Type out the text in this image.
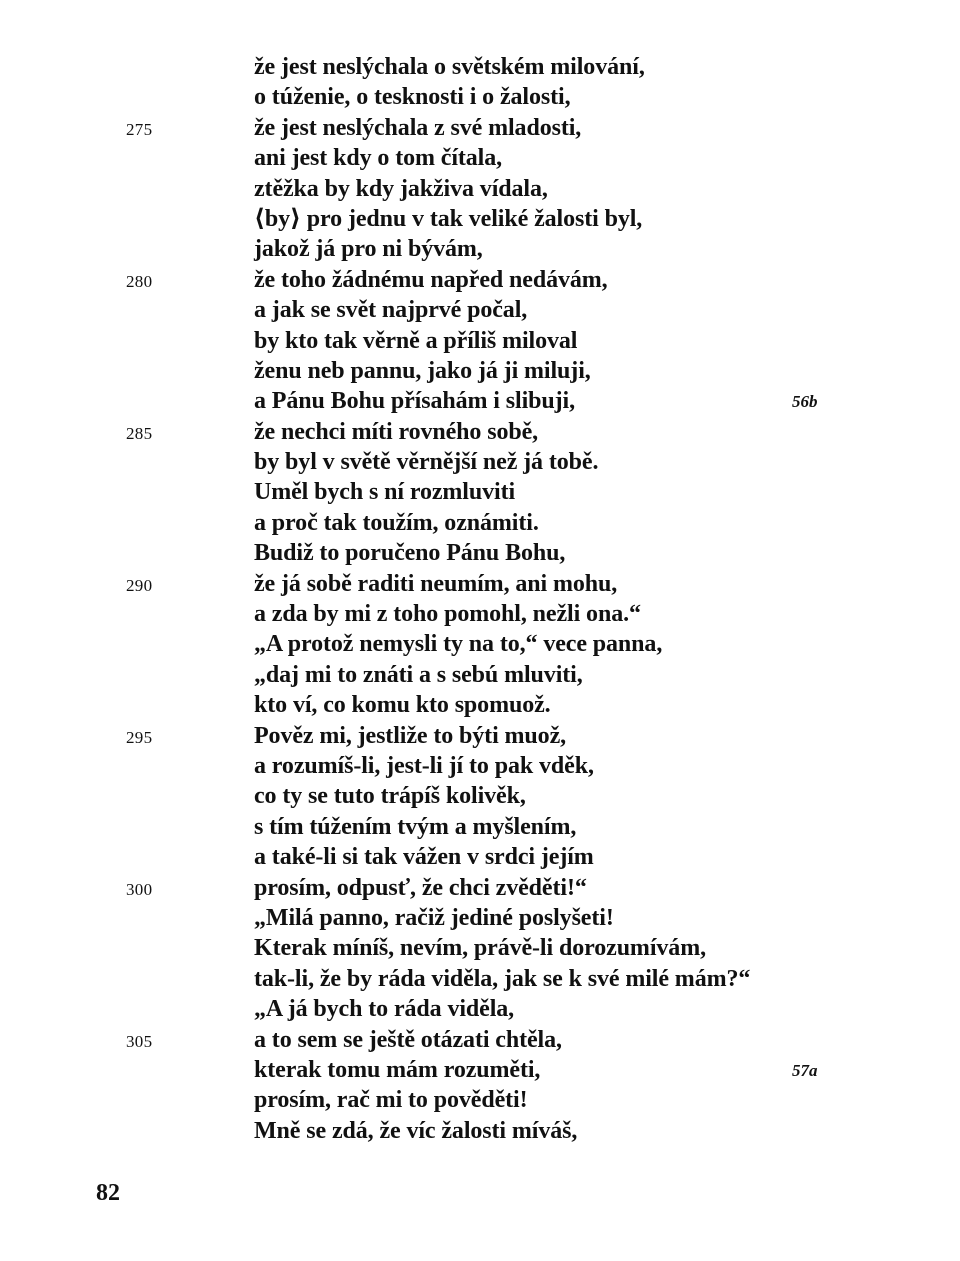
že jest neslýchala o světském milování,
o túženie, o tesknosti i o žalosti,
275	že jest neslýchala z své mladosti,
ani jest kdy o tom čítala,
ztěžka by kdy jakživa vídala,
⟨by⟩ pro jednu v tak veliké žalosti byl,
jakož já pro ni bývám,
280	že toho žádnému napřed nedávám,
a jak se svět najprvé počal,
by kto tak věrně a příliš miloval
ženu neb pannu, jako já ji miluji,
a Pánu Bohu přísahám i slibuji,	56b
285	že nechci míti rovného sobě,
by byl v světě věrnější než já tobě.
Uměl bych s ní rozmluviti
a proč tak toužím, oznámiti.
Budiž to poručeno Pánu Bohu,
290	že já sobě raditi neumím, ani mohu,
a zda by mi z toho pomohl, nežli ona.“
„A protož nemysli ty na to,“ vece panna,
„daj mi to znáti a s sebú mluviti,
kto ví, co komu kto spomuož.
295	Pověz mi, jestliže to býti muož,
a rozumíš-li, jest-li jí to pak vděk,
co ty se tuto trápíš kolivěk,
s tím túžením tvým a myšlením,
a také-li si tak vážen v srdci jejím
300	prosím, odpusť, že chci zvěděti!“
„Milá panno, račiž jediné poslyšeti!
Kterak míníš, nevím, právě-li dorozumívám,
tak-li, že by ráda viděla, jak se k své milé mám?“
„A já bych to ráda viděla,
305	a to sem se ještě otázati chtěla,
kterak tomu mám rozuměti,	57a
prosím, rač mi to pověděti!
Mně se zdá, že víc žalosti míváš,
82
